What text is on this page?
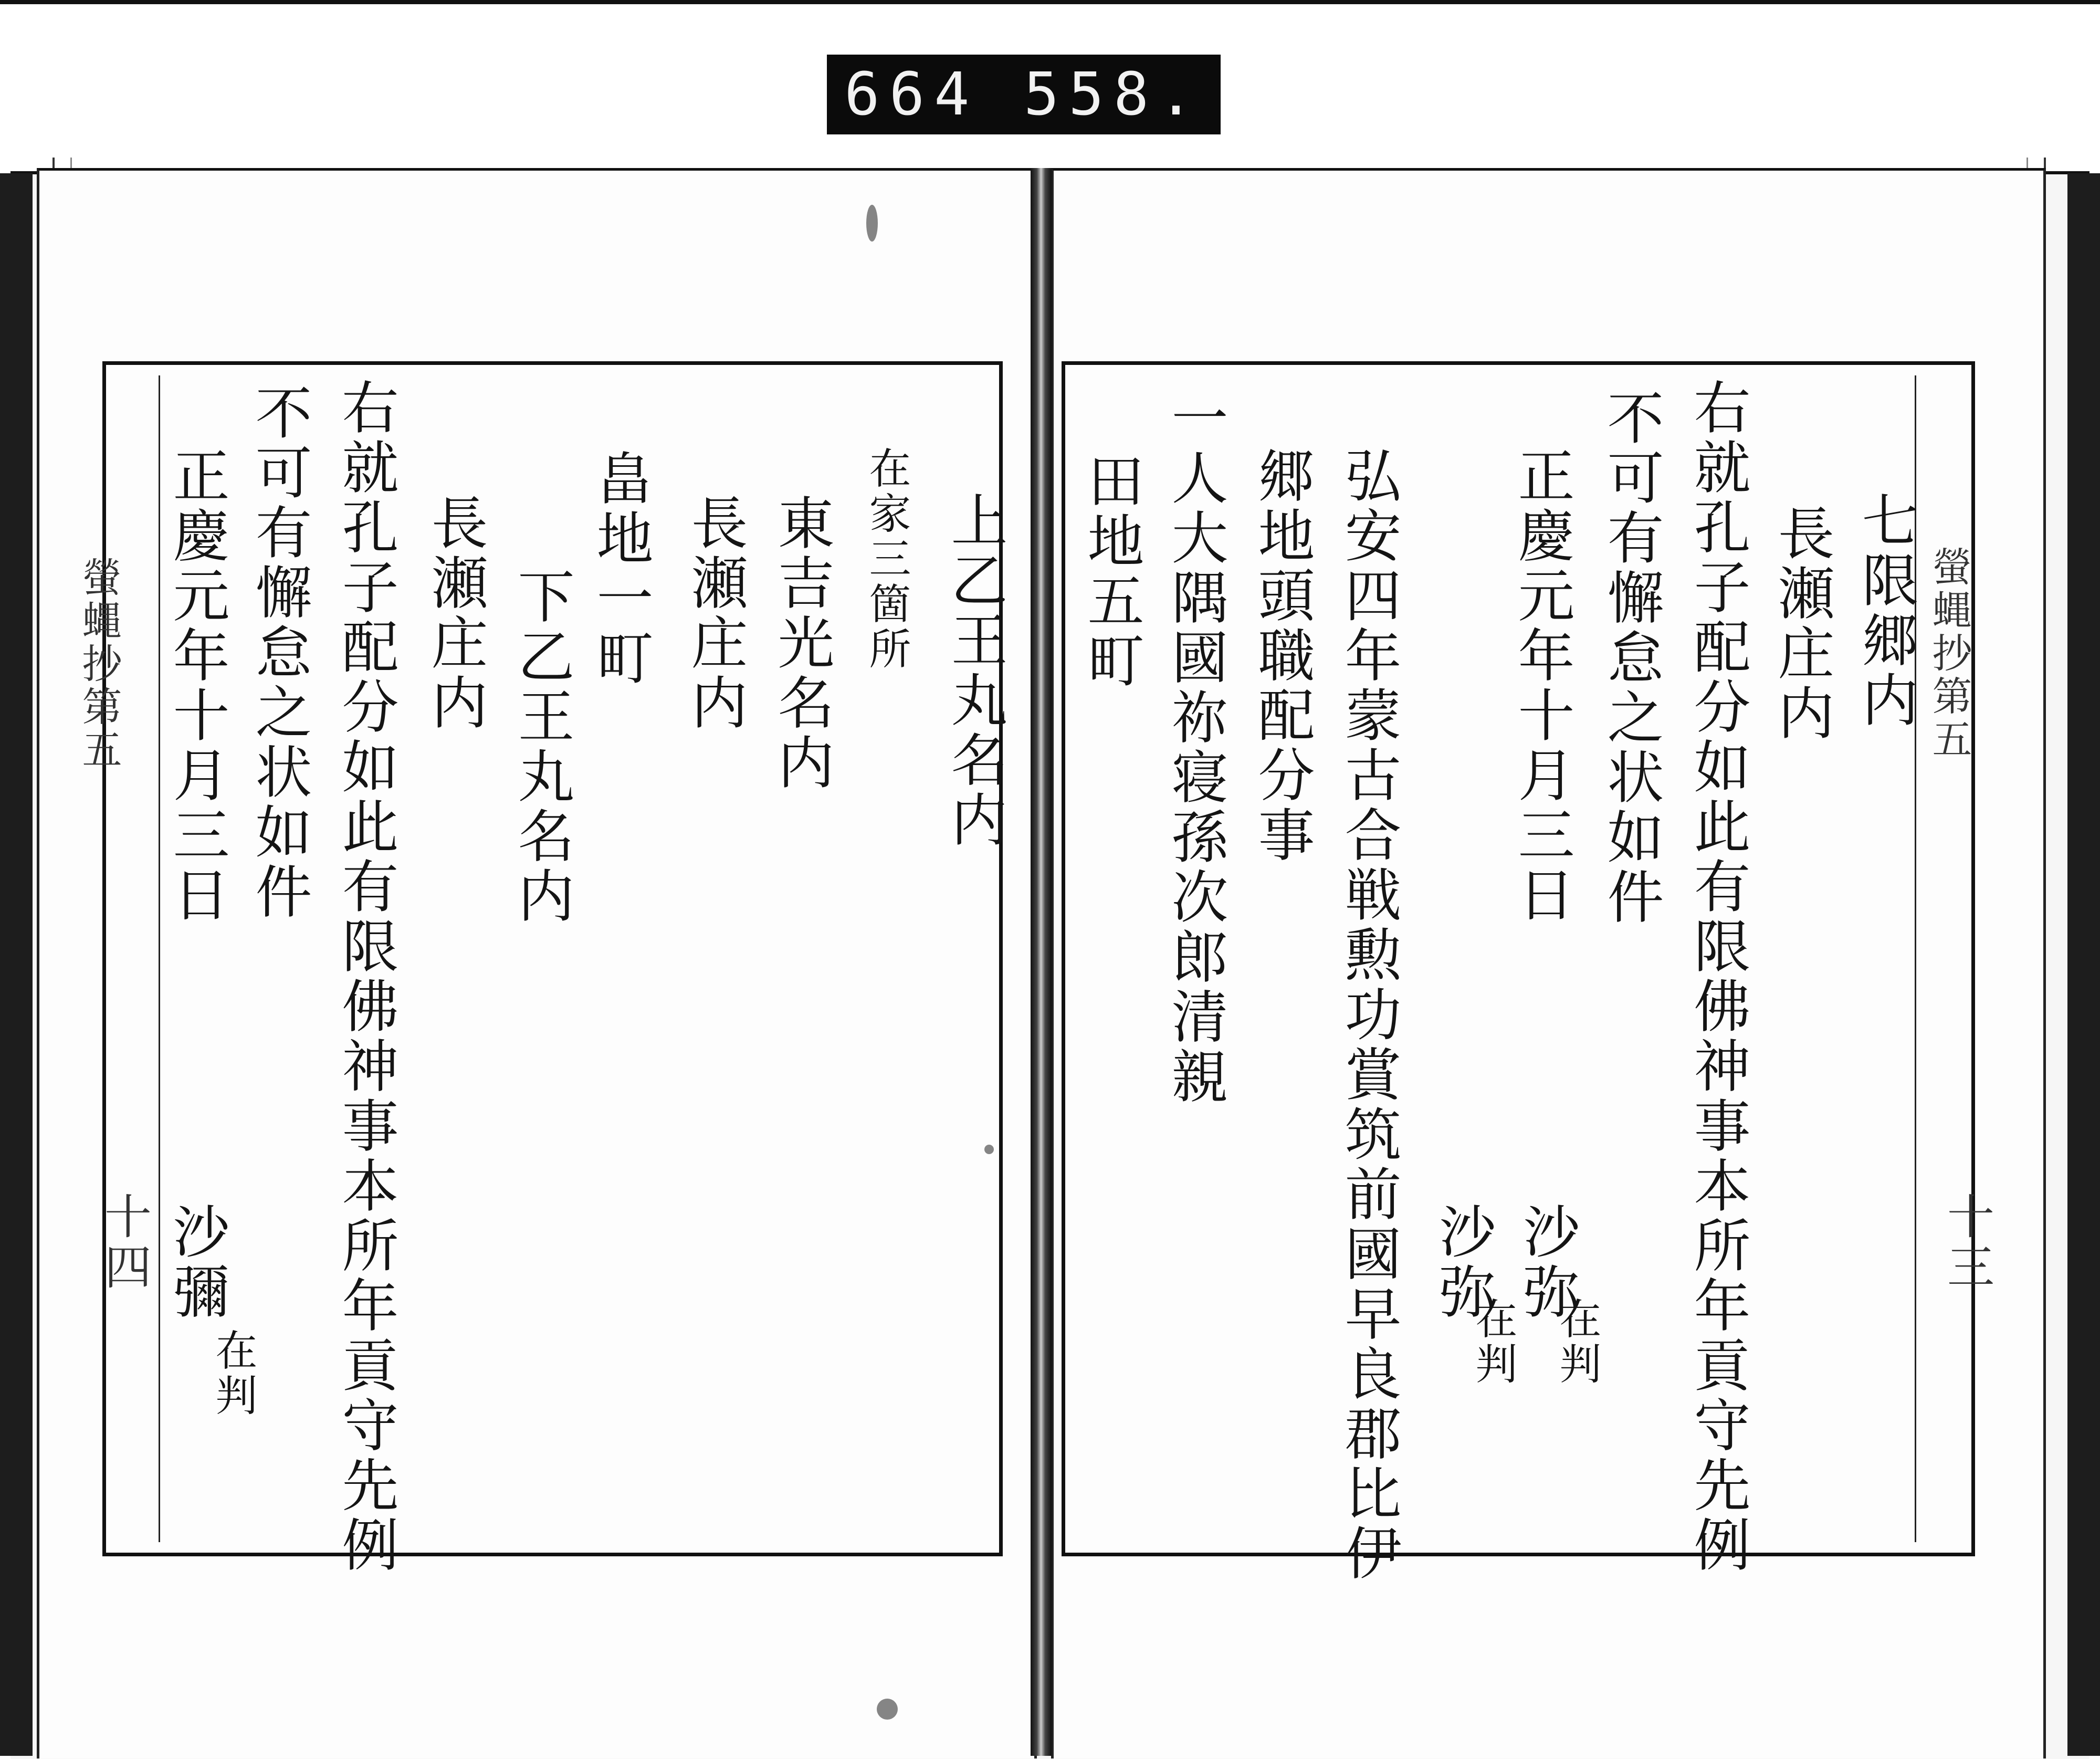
664 558.
螢蝿抄第五
十四
上乙王丸名内
在家三箇所
東吉光名内
長瀬庄内
畠地一町
下乙王丸名内
長瀬庄内
右就孔子配分如此有限佛神事本所年貢守先例
不可有懈怠之状如件
正慶元年十月三日
沙彌
在判
螢蝿抄第五
十三
七限郷内
長瀬庄内
右就孔子配分如此有限佛神事本所年貢守先例
不可有懈怠之状如件
正慶元年十月三日
弘安四年蒙古合戦勲功賞筑前國早良郡比伊
郷地頭職配分事
一人大隅國祢寝孫次郎清親
田地五町
沙弥
在判
沙弥
在判
